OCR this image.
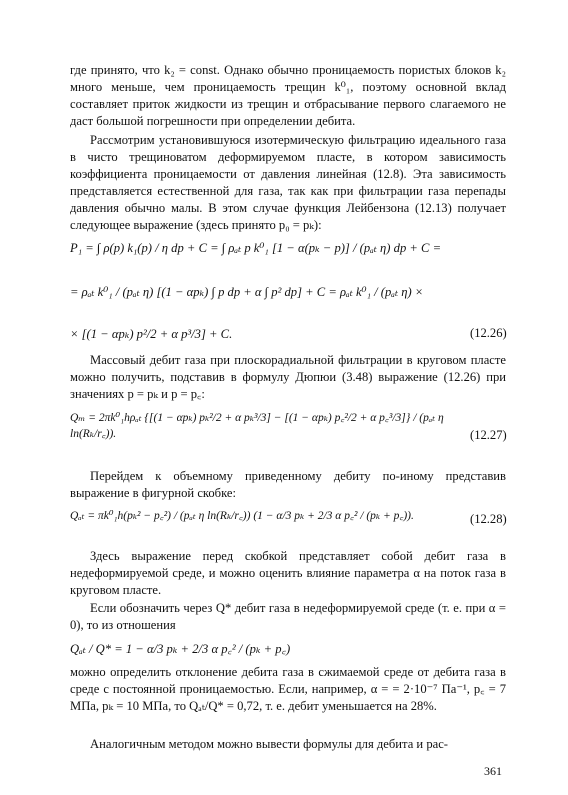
где принято, что k₂ = const. Однако обычно проницаемость пористых блоков k₂ много меньше, чем проницаемость трещин k⁰₁, поэтому основной вклад составляет приток жидкости из трещин и отбрасывание первого слагаемого не даст большой погрешности при определении дебита.

Рассмотрим установившуюся изотермическую фильтрацию идеального газа в чисто трещиноватом деформируемом пласте, в котором зависимость коэффициента проницаемости от давления линейная (12.8). Эта зависимость представляется естественной для газа, так как при фильтрации газа перепады давления обычно малы. В этом случае функция Лейбензона (12.13) получает следующее выражение (здесь принято p₀ = pₖ):

P₁ = ∫ ρ(p) k₁(p) / η dp + C = ∫ ρₐₜ p k⁰₁ [1 − α(pₖ − p)] / (pₐₜ η) dp + C =
= ρₐₜ k⁰₁ / (pₐₜ η) [(1 − αpₖ) ∫ p dp + α ∫ p² dp] + C = ρₐₜ k⁰₁ / (pₐₜ η) ×
× [(1 − αpₖ) p²/2 + α p³/3] + C.	(12.26)

Массовый дебит газа при плоскорадиальной фильтрации в круговом пласте можно получить, подставив в формулу Дюпюи (3.48) выражение (12.26) при значениях p = pₖ и p = p꜀:

Qₘ = 2πk⁰₁hρₐₜ {[(1 − αpₖ) pₖ²/2 + α pₖ³/3] − [(1 − αpₖ) p꜀²/2 + α p꜀³/3]} / (pₐₜ η ln(Rₖ/r꜀)).	(12.27)

Перейдем к объемному приведенному дебиту по-иному представив выражение в фигурной скобке:

Qₐₜ = πk⁰₁h(pₖ² − p꜀²) / (pₐₜ η ln(Rₖ/r꜀)) (1 − α/3 pₖ + 2/3 α p꜀² / (pₖ + p꜀)).	(12.28)

Здесь выражение перед скобкой представляет собой дебит газа в недеформируемой среде, и можно оценить влияние параметра α на поток газа в круговом пласте.

Если обозначить через Q* дебит газа в недеформируемой среде (т. е. при α = 0), то из отношения

Qₐₜ / Q* = 1 − α/3 pₖ + 2/3 α p꜀² / (pₖ + p꜀)

можно определить отклонение дебита газа в сжимаемой среде от дебита газа в среде с постоянной проницаемостью. Если, например, α = = 2·10⁻⁷ Па⁻¹, p꜀ = 7 МПа, pₖ = 10 МПа, то Qₐₜ/Q* = 0,72, т. е. дебит уменьшается на 28%.

Аналогичным методом можно вывести формулы для дебита и рас-

361
